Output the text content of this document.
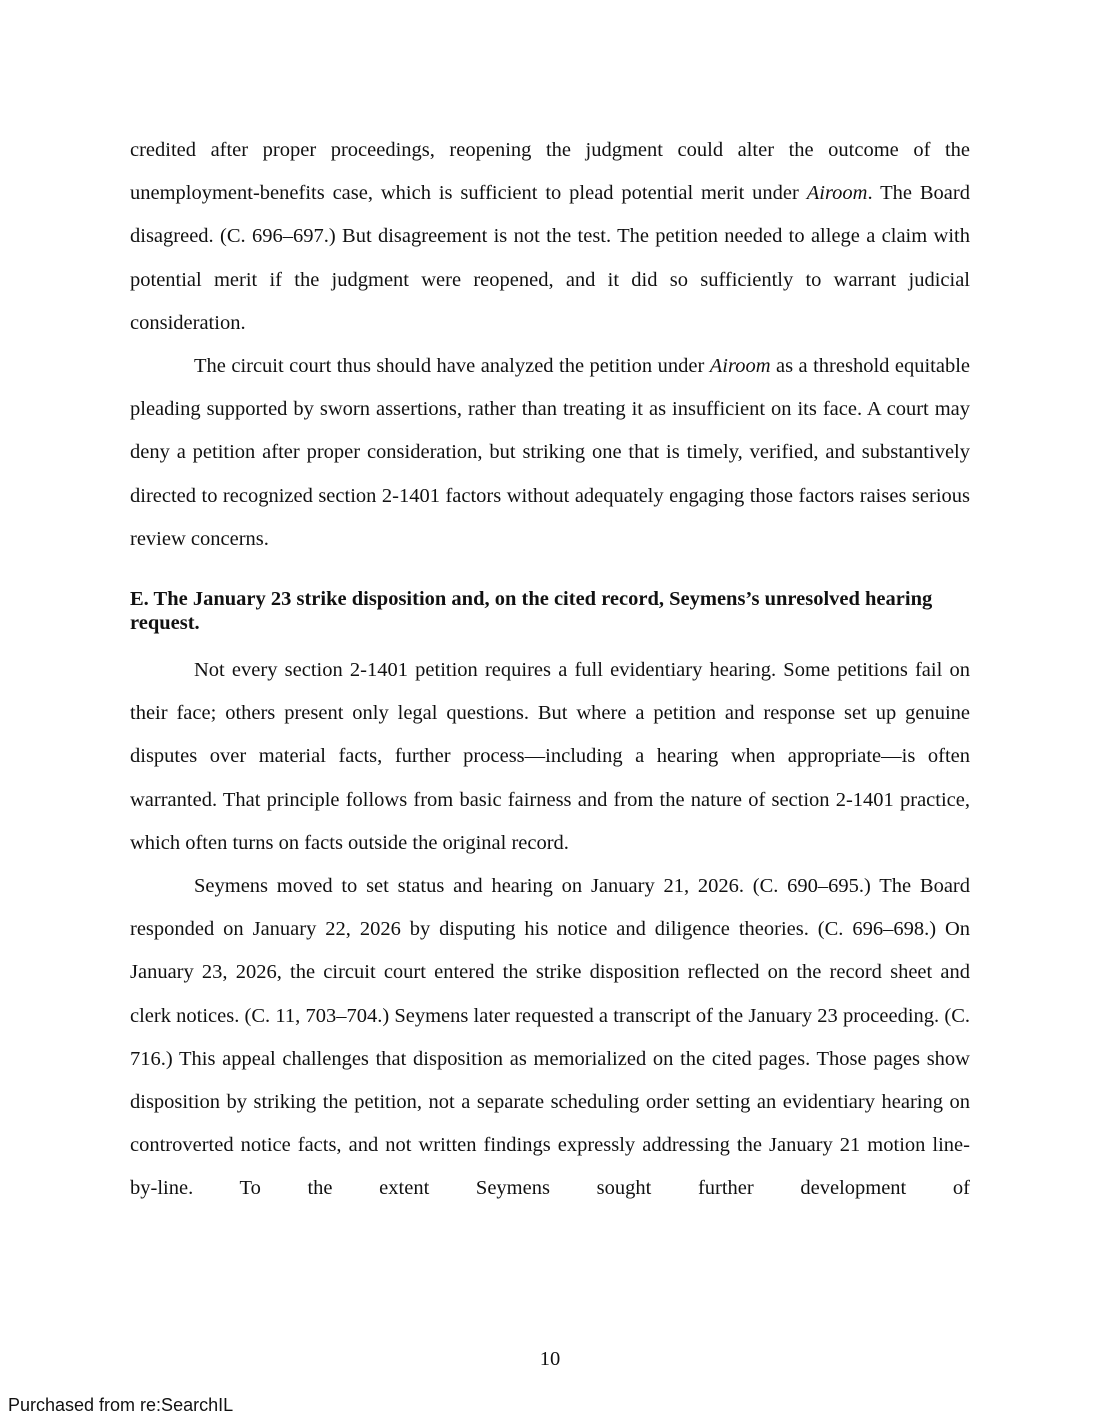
credited after proper proceedings, reopening the judgment could alter the outcome of the unemployment-benefits case, which is sufficient to plead potential merit under Airoom. The Board disagreed. (C. 696–697.) But disagreement is not the test. The petition needed to allege a claim with potential merit if the judgment were reopened, and it did so sufficiently to warrant judicial consideration.

The circuit court thus should have analyzed the petition under Airoom as a threshold equitable pleading supported by sworn assertions, rather than treating it as insufficient on its face. A court may deny a petition after proper consideration, but striking one that is timely, verified, and substantively directed to recognized section 2-1401 factors without adequately engaging those factors raises serious review concerns.

E. The January 23 strike disposition and, on the cited record, Seymens’s unresolved hearing request.

Not every section 2-1401 petition requires a full evidentiary hearing. Some petitions fail on their face; others present only legal questions. But where a petition and response set up genuine disputes over material facts, further process—including a hearing when appropriate—is often warranted. That principle follows from basic fairness and from the nature of section 2-1401 practice, which often turns on facts outside the original record.

Seymens moved to set status and hearing on January 21, 2026. (C. 690–695.) The Board responded on January 22, 2026 by disputing his notice and diligence theories. (C. 696–698.) On January 23, 2026, the circuit court entered the strike disposition reflected on the record sheet and clerk notices. (C. 11, 703–704.) Seymens later requested a transcript of the January 23 proceeding. (C. 716.) This appeal challenges that disposition as memorialized on the cited pages. Those pages show disposition by striking the petition, not a separate scheduling order setting an evidentiary hearing on controverted notice facts, and not written findings expressly addressing the January 21 motion line-by-line. To the extent Seymens sought further development of

10
Purchased from re:SearchIL
